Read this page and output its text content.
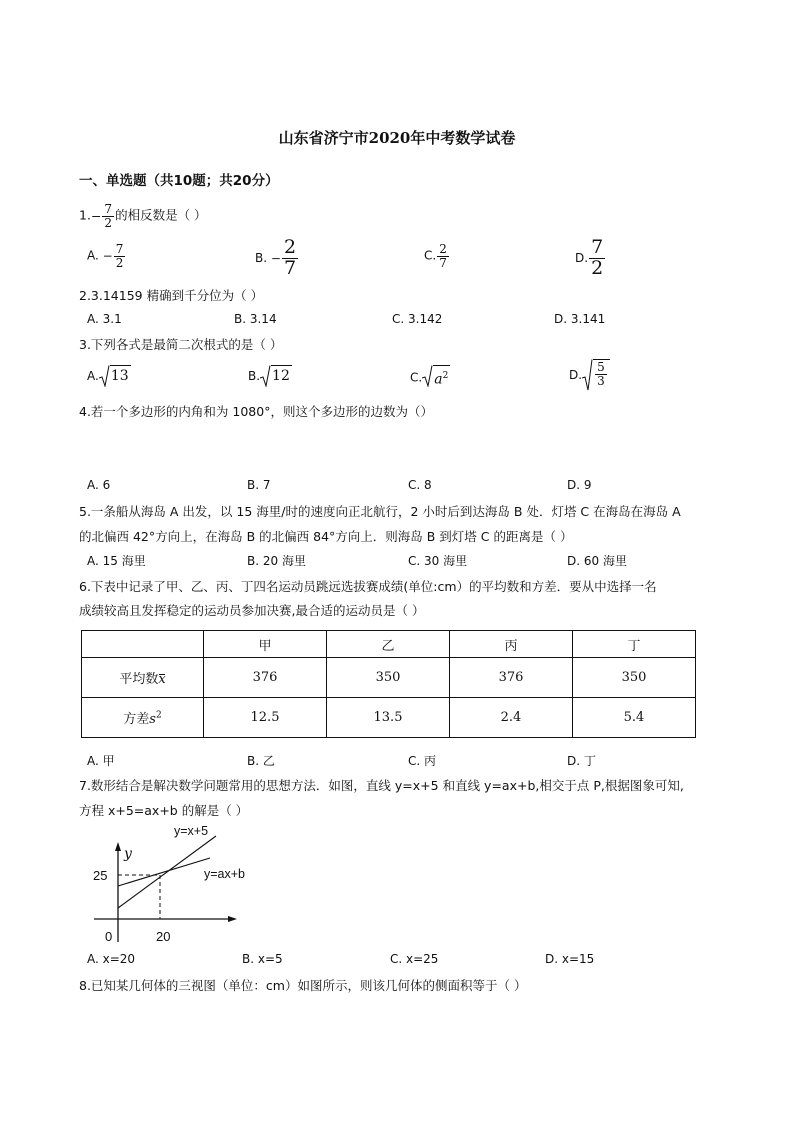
山东省济宁市2020年中考数学试卷
一、单选题（共10题；共20分）
$1.- \frac{7}{2}$ 的相反数是（ ）
A. − $\frac{7}{2}$	B. − $\frac{2}{7}$	C. $\frac{2}{7}$	D. $\frac{7}{2}$
2.3.14159 精确到千分位为（ ）
A. 3.1	B. 3.14	C. 3.142	D. 3.141
3.下列各式是最简二次根式的是（ ）
A. 13	B. 12	C. $a^2$	D. $\frac{5}{3}$
4.若一个多边形的内角和为 1080°，则这个多边形的边数为（）
A. 6	B. 7	C. 8	D. 9
5.一条船从海岛 A 出发，以 15 海里/时的速度向正北航行，2 小时后到达海岛 B 处．灯塔 C 在海岛在海岛 A
的北偏西 42°方向上，在海岛 B 的北偏西 84°方向上．则海岛 B 到灯塔 C 的距离是（ ）
A. 15 海里	B. 20 海里	C. 30 海里	D. 60 海里
6.下表中记录了甲、乙、丙、丁四名运动员跳远选拔赛成绩(单位:cm）的平均数和方差．要从中选择一名
成绩较高且发挥稳定的运动员参加决赛,最合适的运动员是（ ）
	甲	乙	丙	丁
平均数x	376	350	376	350
方差$s^2$	12.5	13.5	2.4	5.4
A. 甲	B. 乙	C. 丙	D. 丁
7.数形结合是解决数学问题常用的思想方法．如图，直线 y=x+5 和直线 y=ax+b,相交于点 P,根据图象可知,
方程 x+5=ax+b 的解是（ ）
y
y=x+5
y=ax+b
25
0	20
A. x=20	B. x=5	C. x=25	D. x=15
8.已知某几何体的三视图（单位：cm）如图所示，则该几何体的侧面积等于（ ）
